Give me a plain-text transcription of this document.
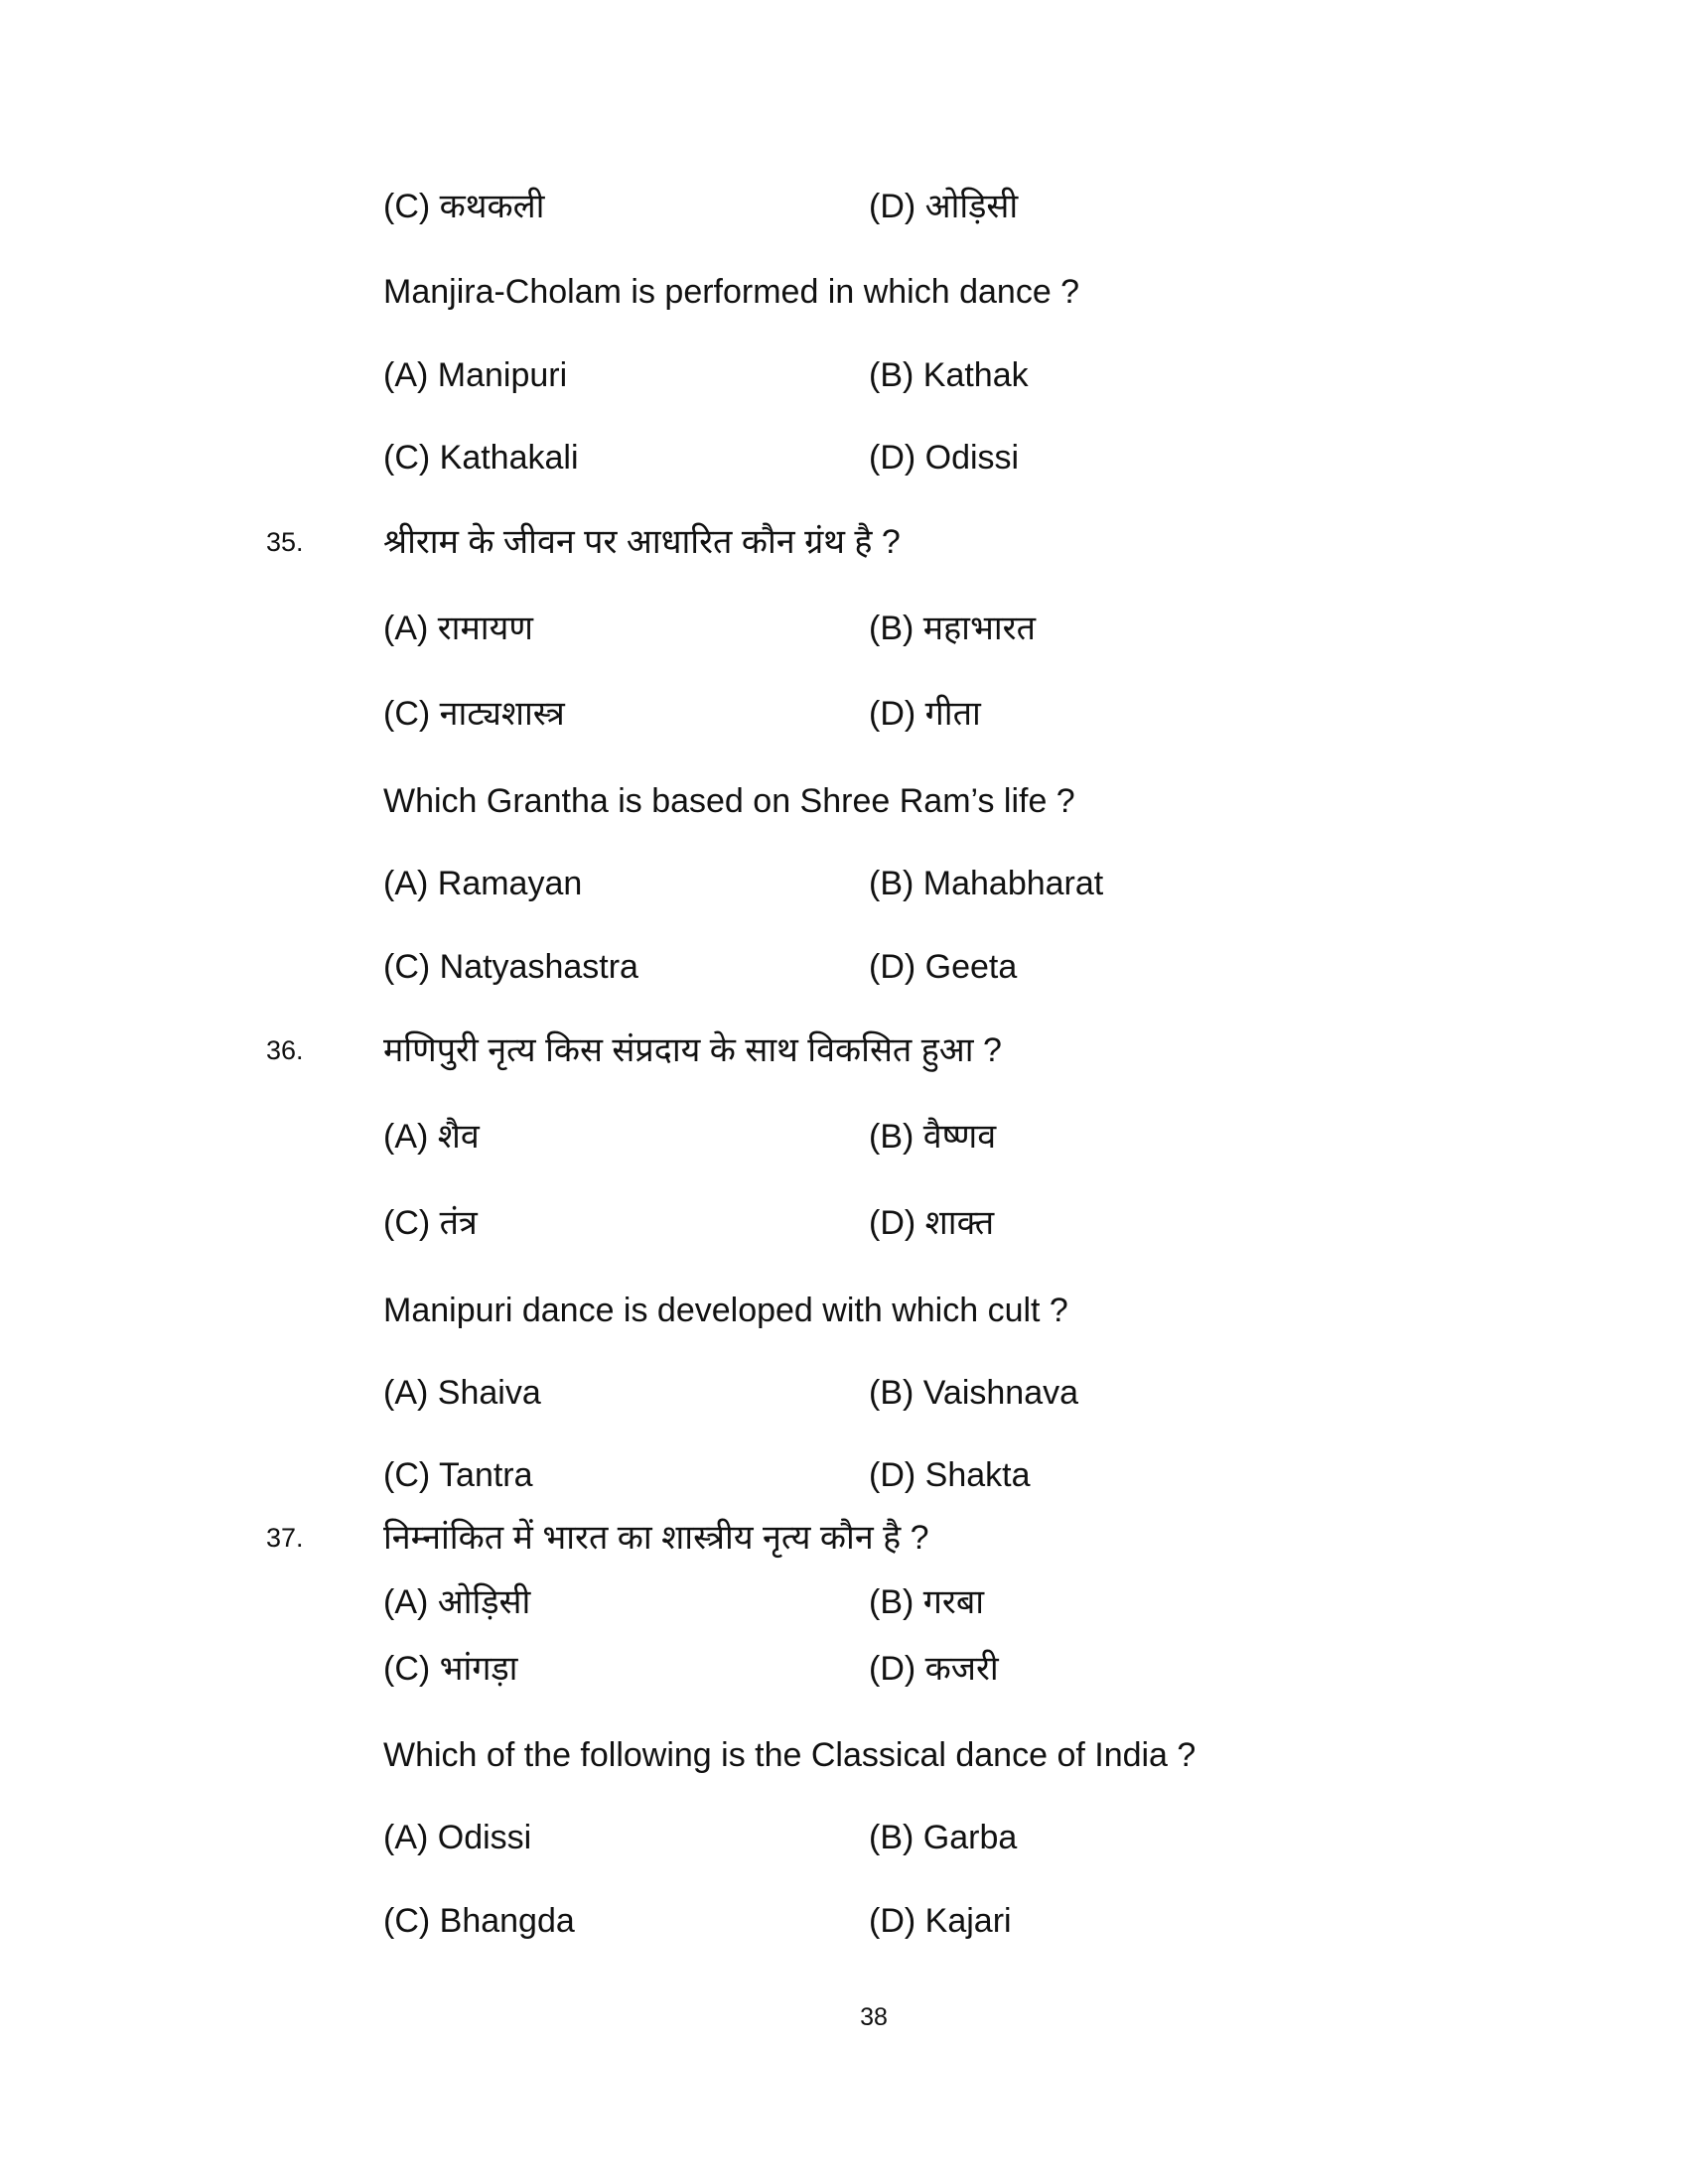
38
(C) कथकली	(D) ओड़िसी
Manjira-Cholam is performed in which dance ?
(A) Manipuri	(B) Kathak
(C) Kathakali	(D) Odissi
35. श्रीराम के जीवन पर आधारित कौन ग्रंथ है ?
(A) रामायण	(B) महाभारत
(C) नाट्यशास्त्र	(D) गीता
Which Grantha is based on Shree Ram’s life ?
(A) Ramayan	(B) Mahabharat
(C) Natyashastra	(D) Geeta
36. मणिपुरी नृत्य किस संप्रदाय के साथ विकसित हुआ ?
(A) शैव	(B) वैष्णव
(C) तंत्र	(D) शाक्त
Manipuri dance is developed with which cult ?
(A) Shaiva	(B) Vaishnava
(C) Tantra	(D) Shakta
37. निम्नांकित में भारत का शास्त्रीय नृत्य कौन है ?
(A) ओड़िसी	(B) गरबा
(C) भांगड़ा	(D) कजरी
Which of the following is the Classical dance of India ?
(A) Odissi	(B) Garba
(C) Bhangda	(D) Kajari
